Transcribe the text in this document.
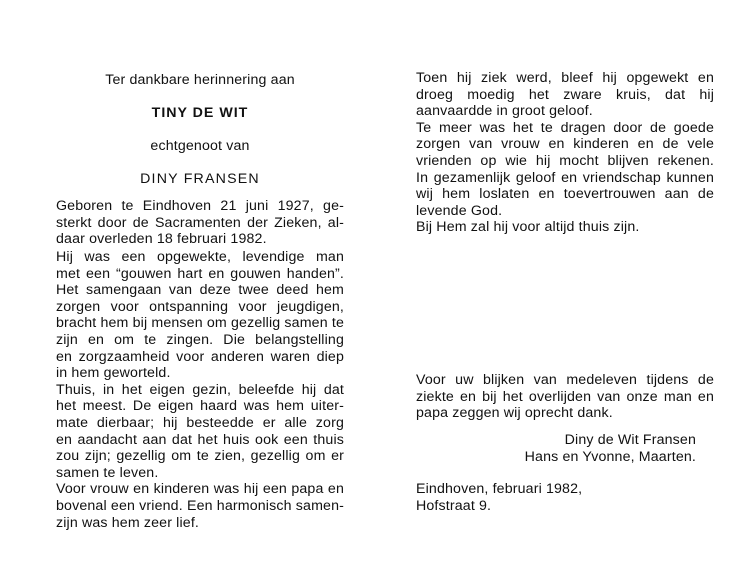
Ter dankbare herinnering aan
TINY DE WIT
echtgenoot van
DINY FRANSEN
Geboren te Eindhoven 21 juni 1927, ge-
sterkt door de Sacramenten der Zieken, al-
daar overleden 18 februari 1982.
Hij was een opgewekte, levendige man
met een “gouwen hart en gouwen handen”.
Het samengaan van deze twee deed hem
zorgen voor ontspanning voor jeugdigen,
bracht hem bij mensen om gezellig samen te
zijn en om te zingen. Die belangstelling
en zorgzaamheid voor anderen waren diep
in hem geworteld.
Thuis, in het eigen gezin, beleefde hij dat
het meest. De eigen haard was hem uiter-
mate dierbaar; hij besteedde er alle zorg
en aandacht aan dat het huis ook een thuis
zou zijn; gezellig om te zien, gezellig om er
samen te leven.
Voor vrouw en kinderen was hij een papa en
bovenal een vriend. Een harmonisch samen-
zijn was hem zeer lief.
Toen hij ziek werd, bleef hij opgewekt en
droeg moedig het zware kruis, dat hij
aanvaardde in groot geloof.
Te meer was het te dragen door de goede
zorgen van vrouw en kinderen en de vele
vrienden op wie hij mocht blijven rekenen.
In gezamenlijk geloof en vriendschap kunnen
wij hem loslaten en toevertrouwen aan de
levende God.
Bij Hem zal hij voor altijd thuis zijn.
Voor uw blijken van medeleven tijdens de
ziekte en bij het overlijden van onze man en
papa zeggen wij oprecht dank.
Diny de Wit Fransen
Hans en Yvonne, Maarten.
Eindhoven, februari 1982,
Hofstraat 9.
